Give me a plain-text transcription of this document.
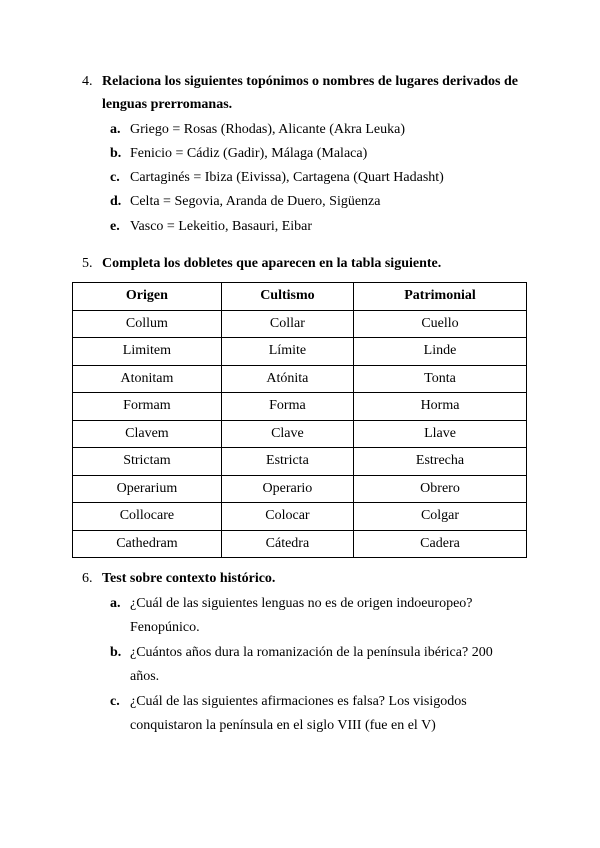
4. Relaciona los siguientes topónimos o nombres de lugares derivados de
lenguas prerromanas.
a. Griego = Rosas (Rhodas), Alicante (Akra Leuka)
b. Fenicio = Cádiz (Gadir), Málaga (Malaca)
c. Cartaginés = Ibiza (Eivissa), Cartagena (Quart Hadasht)
d. Celta = Segovia, Aranda de Duero, Sigüenza
e. Vasco = Lekeitio, Basauri, Eibar
5. Completa los dobletes que aparecen en la tabla siguiente.
Origen	Cultismo	Patrimonial
Collum	Collar	Cuello
Limitem	Límite	Linde
Atonitam	Atónita	Tonta
Formam	Forma	Horma
Clavem	Clave	Llave
Strictam	Estricta	Estrecha
Operarium	Operario	Obrero
Collocare	Colocar	Colgar
Cathedram	Cátedra	Cadera
6. Test sobre contexto histórico.
a. ¿Cuál de las siguientes lenguas no es de origen indoeuropeo?
Fenopúnico.
b. ¿Cuántos años dura la romanización de la península ibérica? 200
años.
c. ¿Cuál de las siguientes afirmaciones es falsa? Los visigodos
conquistaron la península en el siglo VIII (fue en el V)
